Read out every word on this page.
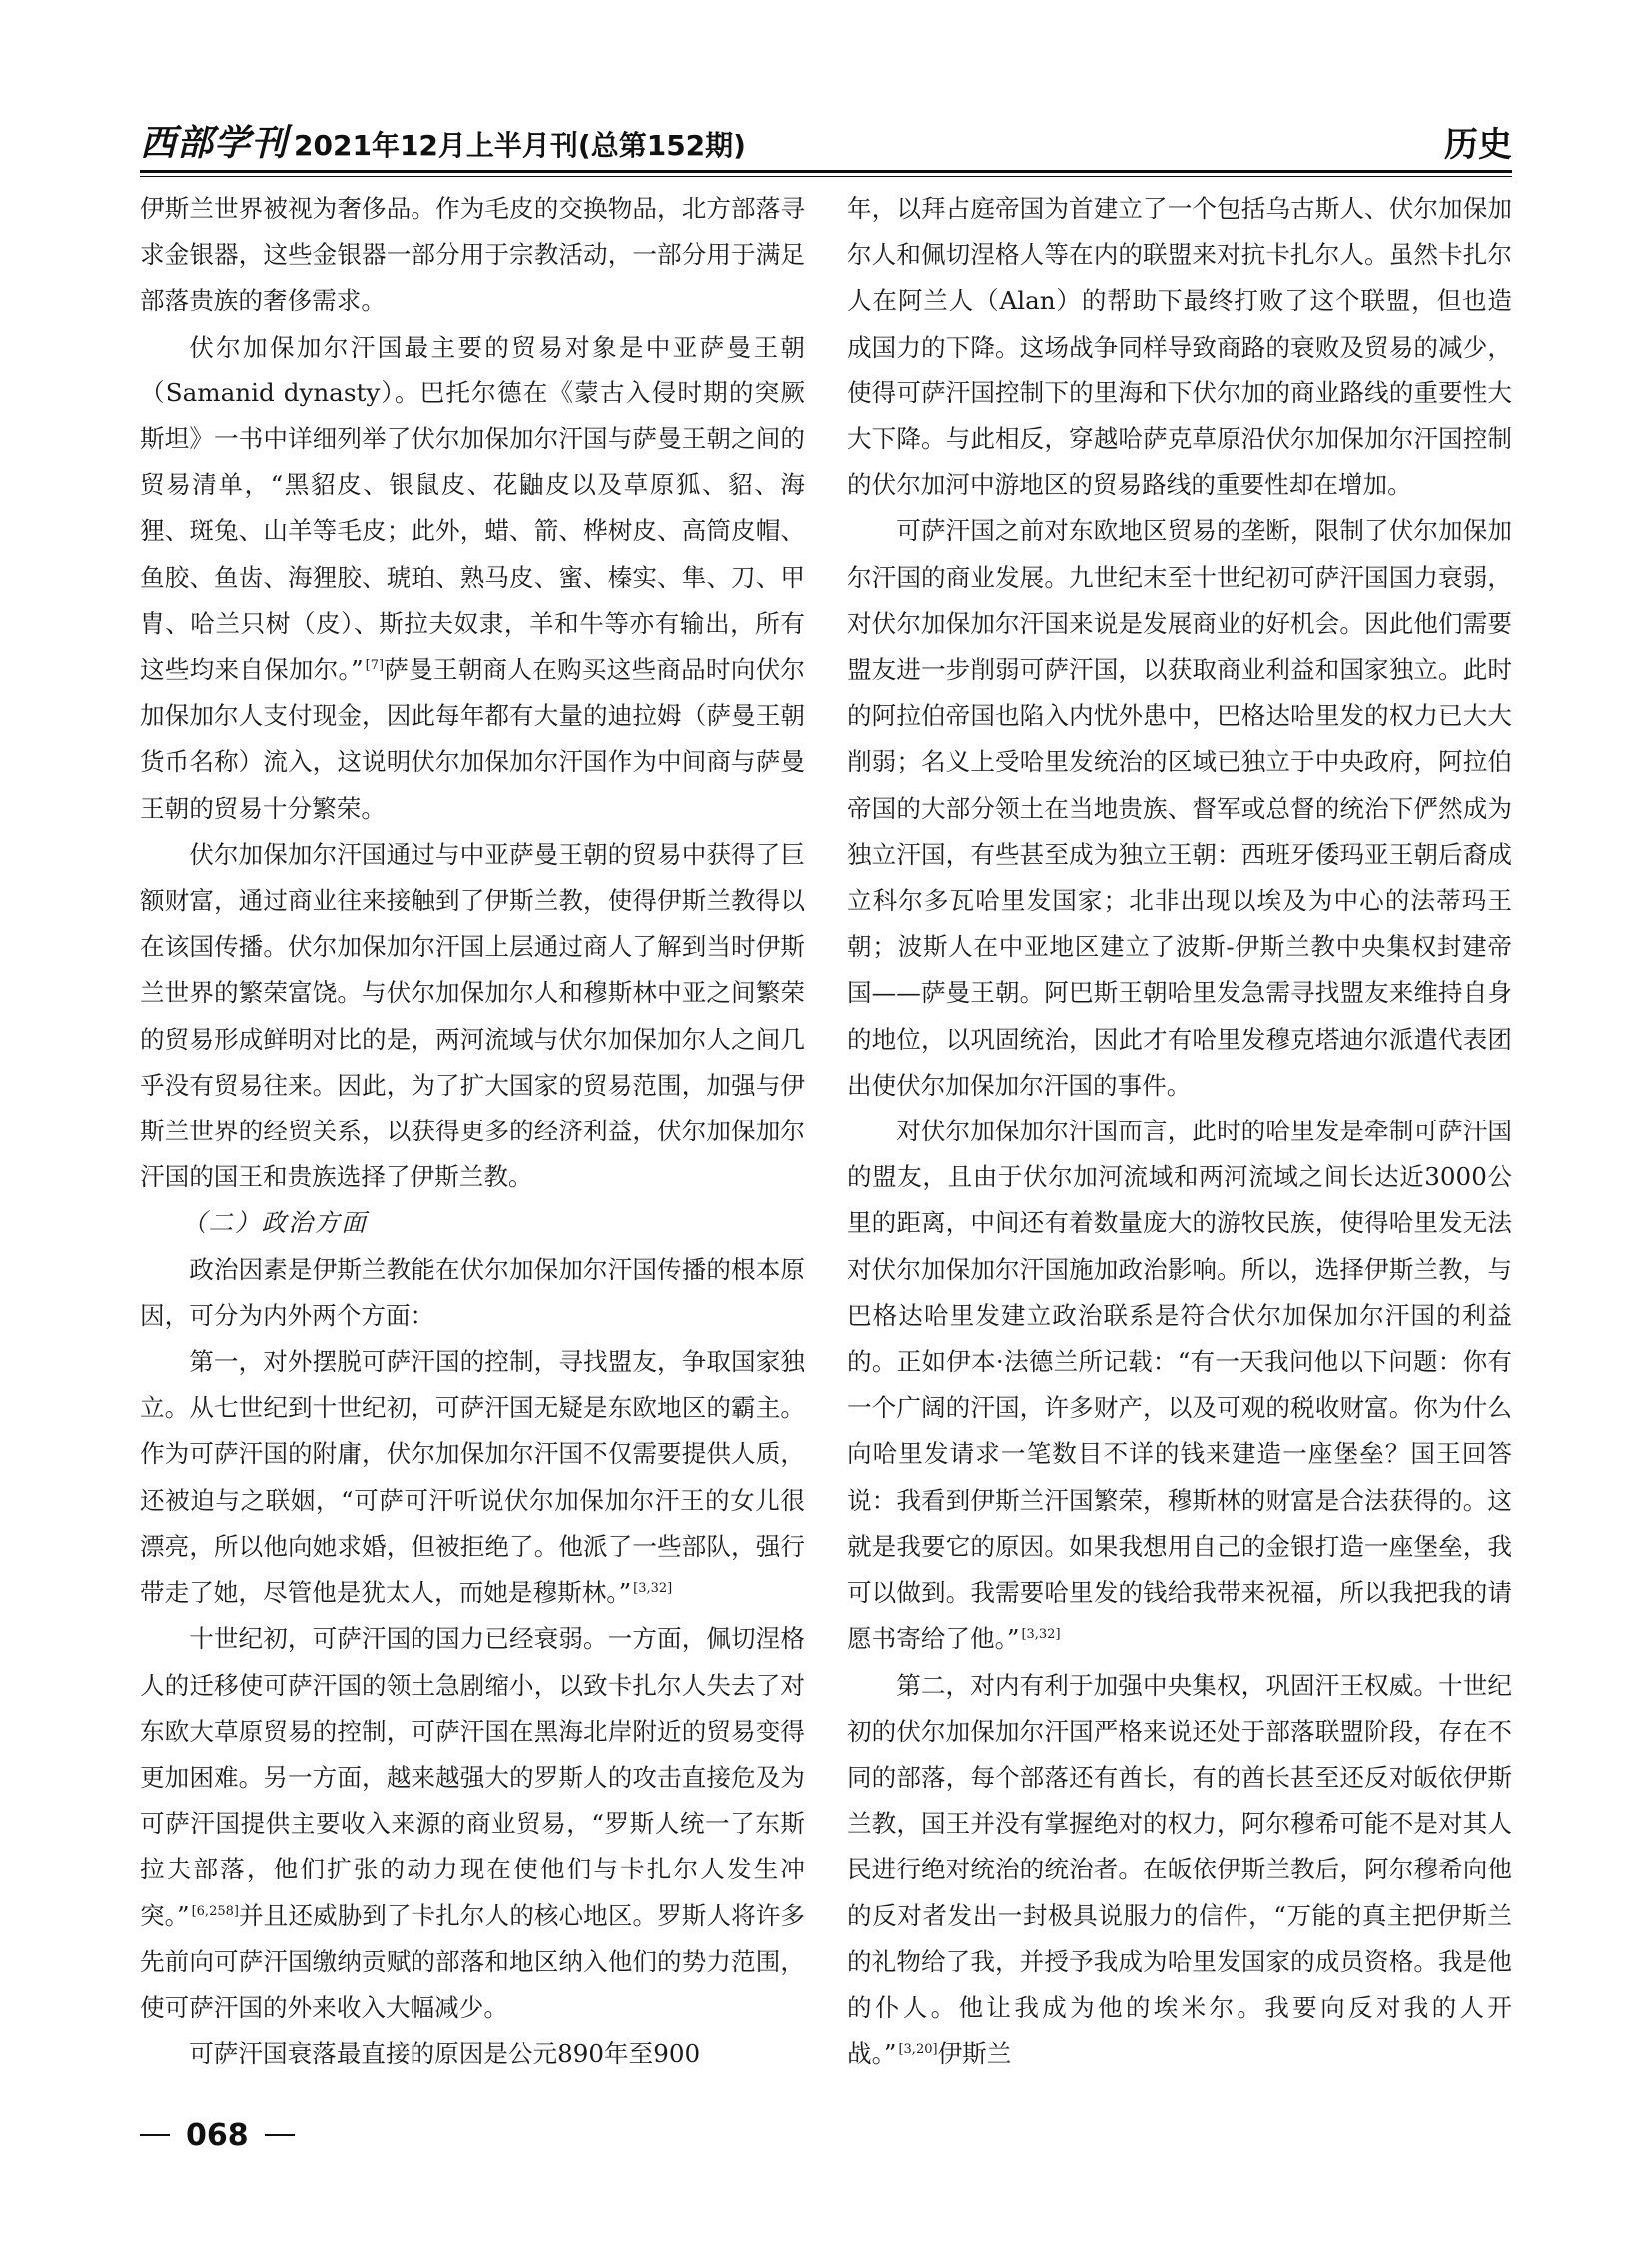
西部学刊 2021年12月上半月刊(总第152期)	历史

伊斯兰世界被视为奢侈品。作为毛皮的交换物品，北方部落寻求金银器，这些金银器一部分用于宗教活动，一部分用于满足部落贵族的奢侈需求。

伏尔加保加尔汗国最主要的贸易对象是中亚萨曼王朝（Samanid dynasty）。巴托尔德在《蒙古入侵时期的突厥斯坦》一书中详细列举了伏尔加保加尔汗国与萨曼王朝之间的贸易清单，“黑貂皮、银鼠皮、花鼬皮以及草原狐、貂、海狸、斑兔、山羊等毛皮；此外，蜡、箭、桦树皮、高筒皮帽、鱼胶、鱼齿、海狸胶、琥珀、熟马皮、蜜、榛实、隼、刀、甲胄、哈兰只树（皮）、斯拉夫奴隶，羊和牛等亦有输出，所有这些均来自保加尔。” [7]萨曼王朝商人在购买这些商品时向伏尔加保加尔人支付现金，因此每年都有大量的迪拉姆（萨曼王朝货币名称）流入，这说明伏尔加保加尔汗国作为中间商与萨曼王朝的贸易十分繁荣。

伏尔加保加尔汗国通过与中亚萨曼王朝的贸易中获得了巨额财富，通过商业往来接触到了伊斯兰教，使得伊斯兰教得以在该国传播。伏尔加保加尔汗国上层通过商人了解到当时伊斯兰世界的繁荣富饶。与伏尔加保加尔人和穆斯林中亚之间繁荣的贸易形成鲜明对比的是，两河流域与伏尔加保加尔人之间几乎没有贸易往来。因此，为了扩大国家的贸易范围，加强与伊斯兰世界的经贸关系，以获得更多的经济利益，伏尔加保加尔汗国的国王和贵族选择了伊斯兰教。

（二）政治方面

政治因素是伊斯兰教能在伏尔加保加尔汗国传播的根本原因，可分为内外两个方面：

第一，对外摆脱可萨汗国的控制，寻找盟友，争取国家独立。从七世纪到十世纪初，可萨汗国无疑是东欧地区的霸主。作为可萨汗国的附庸，伏尔加保加尔汗国不仅需要提供人质，还被迫与之联姻，“可萨可汗听说伏尔加保加尔汗王的女儿很漂亮，所以他向她求婚，但被拒绝了。他派了一些部队，强行带走了她，尽管他是犹太人，而她是穆斯林。” [3,32]

十世纪初，可萨汗国的国力已经衰弱。一方面，佩切涅格人的迁移使可萨汗国的领土急剧缩小，以致卡扎尔人失去了对东欧大草原贸易的控制，可萨汗国在黑海北岸附近的贸易变得更加困难。另一方面，越来越强大的罗斯人的攻击直接危及为可萨汗国提供主要收入来源的商业贸易，“罗斯人统一了东斯拉夫部落，他们扩张的动力现在使他们与卡扎尔人发生冲突。” [6,258]并且还威胁到了卡扎尔人的核心地区。罗斯人将许多先前向可萨汗国缴纳贡赋的部落和地区纳入他们的势力范围，使可萨汗国的外来收入大幅减少。

可萨汗国衰落最直接的原因是公元890年至900

年，以拜占庭帝国为首建立了一个包括乌古斯人、伏尔加保加尔人和佩切涅格人等在内的联盟来对抗卡扎尔人。虽然卡扎尔人在阿兰人（Alan）的帮助下最终打败了这个联盟，但也造成国力的下降。这场战争同样导致商路的衰败及贸易的减少，使得可萨汗国控制下的里海和下伏尔加的商业路线的重要性大大下降。与此相反，穿越哈萨克草原沿伏尔加保加尔汗国控制的伏尔加河中游地区的贸易路线的重要性却在增加。

可萨汗国之前对东欧地区贸易的垄断，限制了伏尔加保加尔汗国的商业发展。九世纪末至十世纪初可萨汗国国力衰弱，对伏尔加保加尔汗国来说是发展商业的好机会。因此他们需要盟友进一步削弱可萨汗国，以获取商业利益和国家独立。此时的阿拉伯帝国也陷入内忧外患中，巴格达哈里发的权力已大大削弱；名义上受哈里发统治的区域已独立于中央政府，阿拉伯帝国的大部分领土在当地贵族、督军或总督的统治下俨然成为独立汗国，有些甚至成为独立王朝：西班牙倭玛亚王朝后裔成立科尔多瓦哈里发国家；北非出现以埃及为中心的法蒂玛王朝；波斯人在中亚地区建立了波斯-伊斯兰教中央集权封建帝国——萨曼王朝。阿巴斯王朝哈里发急需寻找盟友来维持自身的地位，以巩固统治，因此才有哈里发穆克塔迪尔派遣代表团出使伏尔加保加尔汗国的事件。

对伏尔加保加尔汗国而言，此时的哈里发是牵制可萨汗国的盟友，且由于伏尔加河流域和两河流域之间长达近3000公里的距离，中间还有着数量庞大的游牧民族，使得哈里发无法对伏尔加保加尔汗国施加政治影响。所以，选择伊斯兰教，与巴格达哈里发建立政治联系是符合伏尔加保加尔汗国的利益的。正如伊本·法德兰所记载：“有一天我问他以下问题：你有一个广阔的汗国，许多财产，以及可观的税收财富。你为什么向哈里发请求一笔数目不详的钱来建造一座堡垒？国王回答说：我看到伊斯兰汗国繁荣，穆斯林的财富是合法获得的。这就是我要它的原因。如果我想用自己的金银打造一座堡垒，我可以做到。我需要哈里发的钱给我带来祝福，所以我把我的请愿书寄给了他。” [3,32]

第二，对内有利于加强中央集权，巩固汗王权威。十世纪初的伏尔加保加尔汗国严格来说还处于部落联盟阶段，存在不同的部落，每个部落还有酋长，有的酋长甚至还反对皈依伊斯兰教，国王并没有掌握绝对的权力，阿尔穆希可能不是对其人民进行绝对统治的统治者。在皈依伊斯兰教后，阿尔穆希向他的反对者发出一封极具说服力的信件，“万能的真主把伊斯兰的礼物给了我，并授予我成为哈里发国家的成员资格。我是他的仆人。他让我成为他的埃米尔。我要向反对我的人开战。” [3,20]伊斯兰

068
